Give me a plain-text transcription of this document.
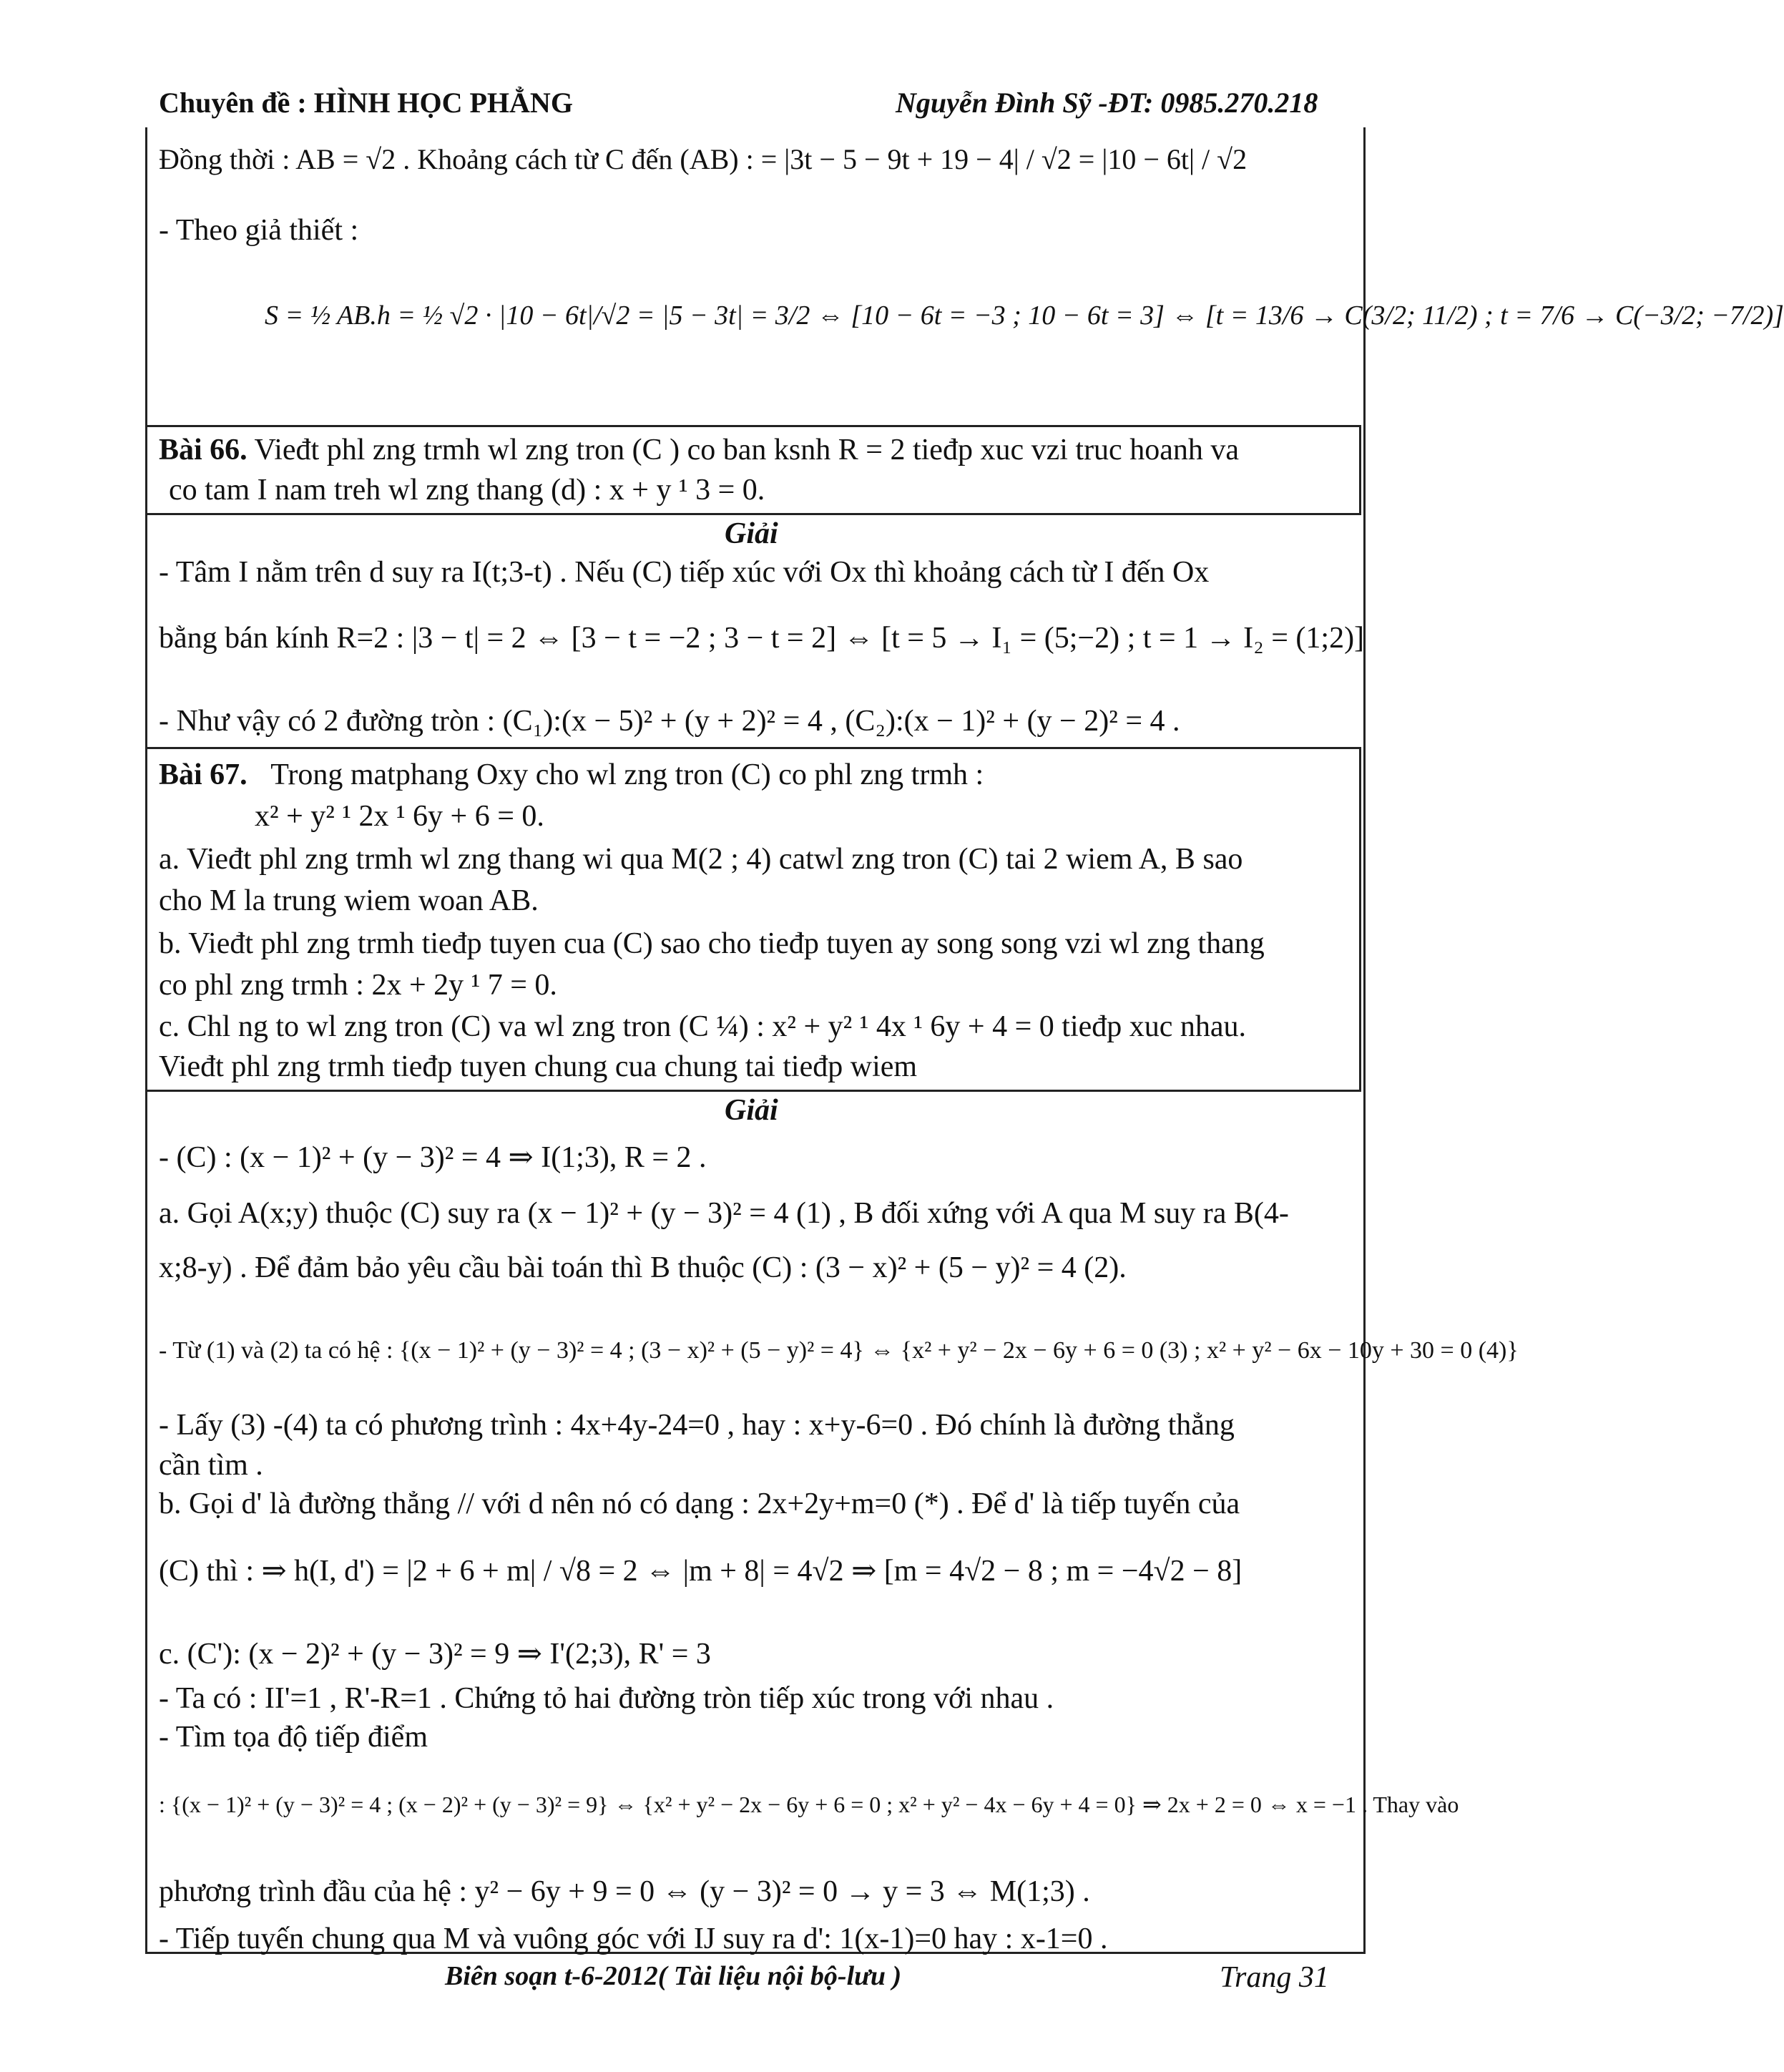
Chuyên đề : HÌNH HỌC PHẲNG	Nguyễn Đình Sỹ -ĐT: 0985.270.218
Đồng thời : AB = √2 . Khoảng cách từ C đến (AB) : = |3t − 5 − 9t + 19 − 4| / √2 = |10 − 6t| / √2
- Theo giả thiết :
S = ½ AB.h = ½ √2 · |10 − 6t|/√2 = |5 − 3t| = 3/2 ⇔ [10 − 6t = −3 ; 10 − 6t = 3] ⇔ [t = 13/6 → C(3/2; 11/2) ; t = 7/6 → C(−3/2; −7/2)]
Bài 66. Vieđt phl zng trmh wl zng tron (C ) co ban ksnh R = 2 tieđp xuc vzi truc hoanh va
co tam I nam treh wl zng thang (d) : x + y ¹ 3 = 0.
Giải
- Tâm I nằm trên d suy ra I(t;3-t) . Nếu (C) tiếp xúc với Ox thì khoảng cách từ I đến Ox
bằng bán kính R=2 : |3 − t| = 2 ⇔ [3 − t = −2 ; 3 − t = 2] ⇔ [t = 5 → I₁ = (5;−2) ; t = 1 → I₂ = (1;2)]
- Như vậy có 2 đường tròn : (C₁):(x − 5)² + (y + 2)² = 4 , (C₂):(x − 1)² + (y − 2)² = 4 .
Bài 67. Trong matphang Oxy cho wl zng tron (C) co phl zng trmh :
x² + y² ¹ 2x ¹ 6y + 6 = 0.
a. Vieđt phl zng trmh wl zng thang wi qua M(2 ; 4) catwl zng tron (C) tai 2 wiem A, B sao
cho M la trung wiem woan AB.
b. Vieđt phl zng trmh tieđp tuyen cua (C) sao cho tieđp tuyen ay song song vzi wl zng thang
co phl zng trmh : 2x + 2y ¹ 7 = 0.
c. Chl ng to wl zng tron (C) va wl zng tron (C ¼) : x² + y² ¹ 4x ¹ 6y + 4 = 0 tieđp xuc nhau.
Vieđt phl zng trmh tieđp tuyen chung cua chung tai tieđp wiem
Giải
- (C) : (x − 1)² + (y − 3)² = 4 ⇒ I(1;3), R = 2 .
a. Gọi A(x;y) thuộc (C) suy ra (x − 1)² + (y − 3)² = 4 (1) , B đối xứng với A qua M suy ra B(4-
x;8-y) . Để đảm bảo yêu cầu bài toán thì B thuộc (C) : (3 − x)² + (5 − y)² = 4 (2).
- Từ (1) và (2) ta có hệ : {(x − 1)² + (y − 3)² = 4 ; (3 − x)² + (5 − y)² = 4} ⇔ {x² + y² − 2x − 6y + 6 = 0 (3) ; x² + y² − 6x − 10y + 30 = 0 (4)}
- Lấy (3) -(4) ta có phương trình : 4x+4y-24=0 , hay : x+y-6=0 . Đó chính là đường thẳng
cần tìm .
b. Gọi d' là đường thẳng // với d nên nó có dạng : 2x+2y+m=0 (*) . Để d' là tiếp tuyến của
(C) thì : ⇒ h(I, d') = |2 + 6 + m| / √8 = 2 ⇔ |m + 8| = 4√2 ⇒ [m = 4√2 − 8 ; m = −4√2 − 8]
c. (C'): (x − 2)² + (y − 3)² = 9 ⇒ I'(2;3), R' = 3
- Ta có : II'=1 , R'-R=1 . Chứng tỏ hai đường tròn tiếp xúc trong với nhau .
- Tìm tọa độ tiếp điểm
: {(x − 1)² + (y − 3)² = 4 ; (x − 2)² + (y − 3)² = 9} ⇔ {x² + y² − 2x − 6y + 6 = 0 ; x² + y² − 4x − 6y + 4 = 0} ⇒ 2x + 2 = 0 ⇔ x = −1 . Thay vào
phương trình đầu của hệ : y² − 6y + 9 = 0 ⇔ (y − 3)² = 0 → y = 3 ⇔ M(1;3) .
- Tiếp tuyến chung qua M và vuông góc với IJ suy ra d': 1(x-1)=0 hay : x-1=0 .
Biên soạn t-6-2012( Tài liệu nội bộ-lưu )	Trang 31
